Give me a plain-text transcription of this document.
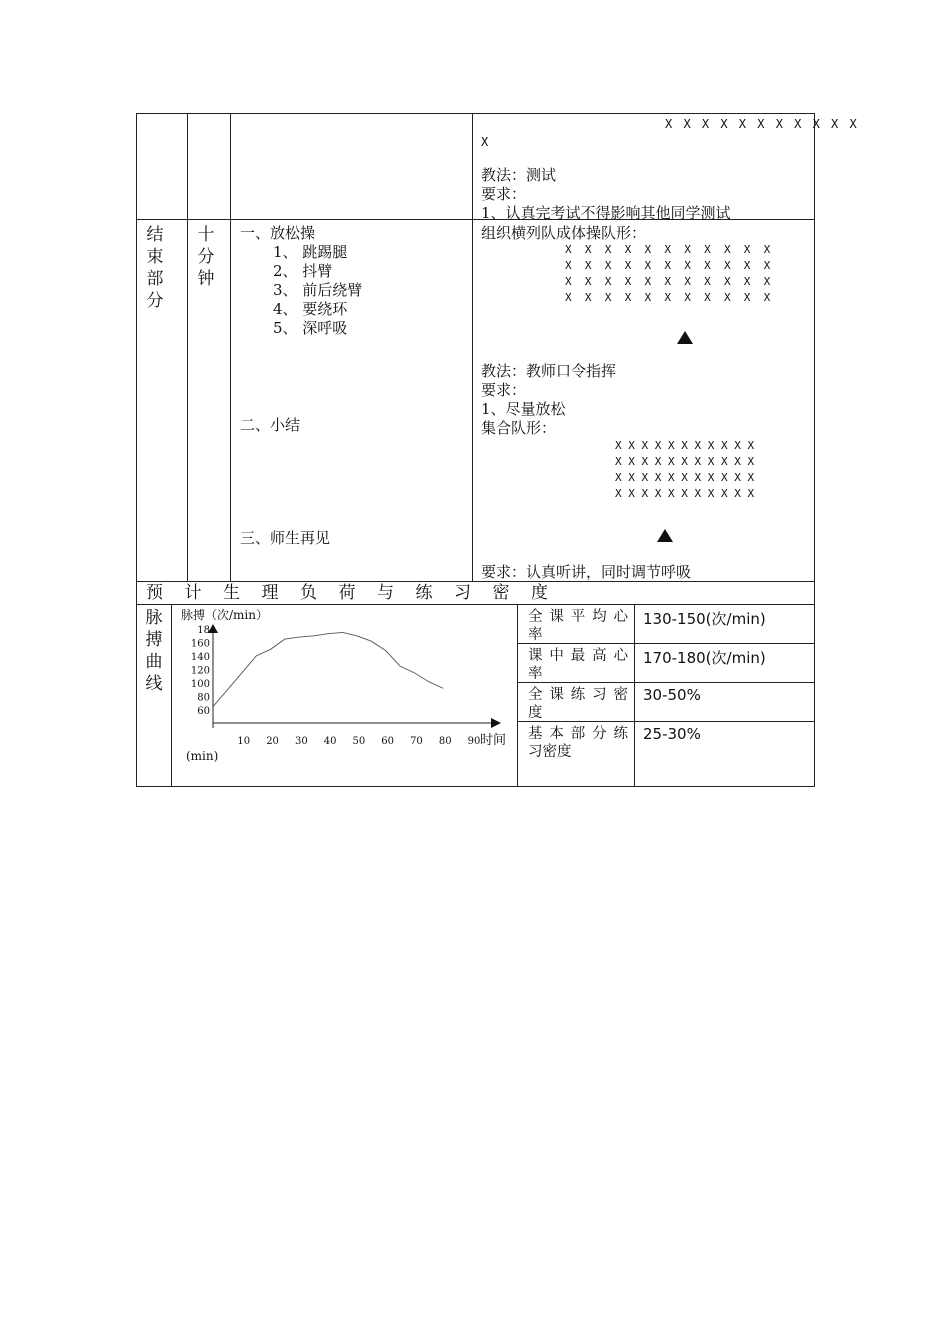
X X X X X X X X X X X
X
教法：测试
要求：
1、认真完考试不得影响其他同学测试
结
束
部
分
十
分
钟
一、放松操
1、 跳踢腿
2、 抖臂
3、 前后绕臂
4、 要绕环
5、 深呼吸
二、小结
三、师生再见
组织横列队成体操队形：
X  X  X  X  X  X  X  X  X  X  X
X  X  X  X  X  X  X  X  X  X  X
X  X  X  X  X  X  X  X  X  X  X
X  X  X  X  X  X  X  X  X  X  X
教法：教师口令指挥
要求：
1、尽量放松
集合队形：
X X X X X X X X X X X
X X X X X X X X X X X
X X X X X X X X X X X
X X X X X X X X X X X
要求：认真听讲，同时调节呼吸
预 计 生 理 负 荷 与 练 习 密 度
脉
搏
曲
线
脉搏（次/min）
18
160
140
120
100
80
60
10 20 30 40 50 60 70 80 90 时间
(min)
全课平均心
率
130-150(次/min)
课中最高心
率
170-180(次/min)
全课练习密
度
30-50%
基本部分练
习密度
25-30%
